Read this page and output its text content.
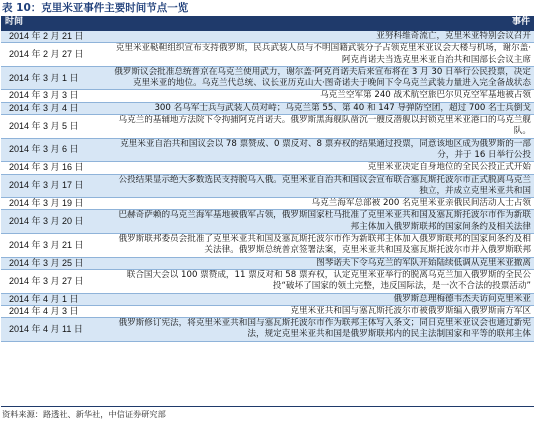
表 10：克里米亚事件主要时间节点一览
时间	事件
2014 年 2 月 21 日	亚努科维奇流亡，克里米亚特别会议召开
2014 年 2 月 27 日	克里米亚鞑靼组织宣布支持俄罗斯，民兵武装人员与不明国籍武装分子占领克里米亚议会大楼与机场，谢尔盖·阿克肖诺夫当选克里米亚自治共和国部长会议主席
2014 年 3 月 1 日	俄罗斯议会批准总统普京在乌克兰使用武力，谢尔盖·阿克肖诺夫后来宣布将在 3 月 30 日举行公民投票，决定克里米亚的地位。乌克兰代总统、议长亚历克山大·图奇诺夫于晚间下令乌克兰武装力量进入完全备战状态
2014 年 3 月 3 日	乌克兰空军第 240 战术航空旅巴尔贝克空军基地被占领
2014 年 3 月 4 日	300 名乌军士兵与武装人员对峙；乌克兰第 55、第 40 和 147 导弹防空团，超过 700 名士兵倒戈
2014 年 3 月 5 日	乌克兰的基辅地方法院下令拘捕阿克肖诺夫。俄罗斯黑海舰队凿沉一艘反潜舰以封锁克里米亚港口的乌克兰舰队。
2014 年 3 月 6 日	克里米亚自治共和国议会以 78 票赞成、0 票反对、8 票弃权的结果通过投票，同意该地区成为俄罗斯的一部分，并于 16 日举行公投
2014 年 3 月 16 日	克里米亚决定自身地位的全民公投正式开始
2014 年 3 月 17 日	公投结果显示绝大多数选民支持脱乌入俄。克里米亚自治共和国议会宣布联合塞瓦斯托波尔市正式脱离乌克兰独立，并成立克里米亚共和国
2014 年 3 月 19 日	乌克兰海军总部被 200 名克里米亚亲俄民间活动人士占领
2014 年 3 月 20 日	巴赫奇萨赖的乌克兰海军基地被俄军占领，俄罗斯国家杜马批准了克里米亚共和国及塞瓦斯托波尔市作为新联邦主体加入俄罗斯联邦的国家间条约及相关法律
2014 年 3 月 21 日	俄罗斯联邦委员会批准了克里米亚共和国及塞瓦斯托波尔市作为新联邦主体加入俄罗斯联邦的国家间条约及相关法律。俄罗斯总统普京签署法案，克里米亚共和国及塞瓦斯托波尔市并入俄罗斯联邦
2014 年 3 月 25 日	图琴诺夫下令乌克兰的军队开始陆续低调从克里米亚撤离
2014 年 3 月 27 日	联合国大会以 100 票赞成，11 票反对和 58 票弃权，认定克里米亚举行的脱离乌克兰加入俄罗斯的全民公投“破坏了国家的领土完整，违反国际法，是一次不合法的投票活动”
2014 年 4 月 1 日	俄罗斯总理梅德韦杰夫访问克里米亚
2014 年 4 月 3 日	克里米亚共和国与塞瓦斯托波尔市被俄罗斯编入俄罗斯南方军区
2014 年 4 月 11 日	俄罗斯修订宪法，将克里米亚共和国与塞瓦斯托波尔市作为联邦主体写入条文；同日克里米亚议会也通过新宪法，规定克里米亚共和国是俄罗斯联邦内的民主法制国家和平等的联邦主体
资料来源：路透社、新华社，中信证券研究部
